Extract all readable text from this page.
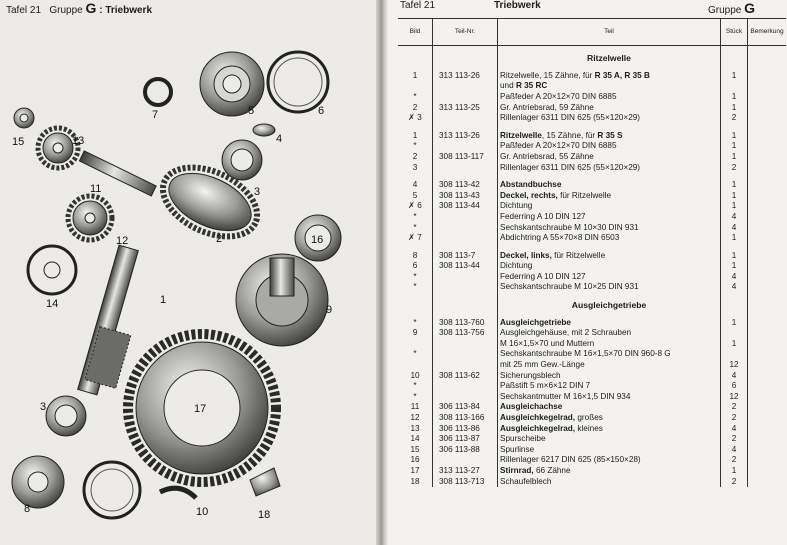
Tafel 21 Gruppe G : Triebwerk
15	13
7	5	6
4
11	3
12	2	16
14	1
9
3	17
8	10	18
Tafel 21	Triebwerk	Gruppe G
Bild	Teil-Nr.	Teil	Stück	Bemerkung

		Ritzelwelle		

1	313 113-26	Ritzelwelle, 15 Zähne, für R 35 A, R 35 B	1	
		und R 35 RC		
*		Paßfeder A 20×12×70 DIN 6885	1	
2	313 113-25	Gr. Antriebsrad, 59 Zähne	1	
✗ 3		Rillenlager 6311 DIN 625 (55×120×29)	2	

1	313 113-26	Ritzelwelle, 15 Zähne, für R 35 S	1	
*		Paßfeder A 20×12×70 DIN 6885	1	
2	308 113-117	Gr. Antriebsrad, 55 Zähne	1	
3		Rillenlager 6311 DIN 625 (55×120×29)	2	

4	308 113-42	Abstandbuchse	1	
5	308 113-43	Deckel, rechts, für Ritzelwelle	1	
✗ 6	308 113-44	Dichtung	1	
*		Federring A 10 DIN 127	4	
*		Sechskantschraube M 10×30 DIN 931	4	
✗ 7		Abdichtring A 55×70×8 DIN 6503	1	

8	308 113-7	Deckel, links, für Ritzelwelle	1	
6	308 113-44	Dichtung	1	
*		Federring A 10 DIN 127	4	
*		Sechskantschraube M 10×25 DIN 931	4	

		Ausgleichgetriebe		

*	308 113-760	Ausgleichgetriebe	1	
9	308 113-756	Ausgleichgehäuse, mit 2 Schrauben		
		M 16×1,5×70 und Muttern	1	
*		Sechskantschraube M 16×1,5×70 DIN 960-8 G		
		mit 25 mm Gew.-Länge	12	
10	308 113-62	Sicherungsblech	4	
*		Paßstift 5 m×6×12 DIN 7	6	
*		Sechskantmutter M 16×1,5 DIN 934	12	
11	306 113-84	Ausgleichachse	2	
12	308 113-166	Ausgleichkegelrad, großes	2	
13	306 113-86	Ausgleichkegelrad, kleines	4	
14	306 113-87	Spurscheibe	2	
15	306 113-88	Spurlinse	4	
16		Rillenlager 6217 DIN 625 (85×150×28)	2	
17	313 113-27	Stirnrad, 66 Zähne	1	
18	308 113-713	Schaufelblech	2	
